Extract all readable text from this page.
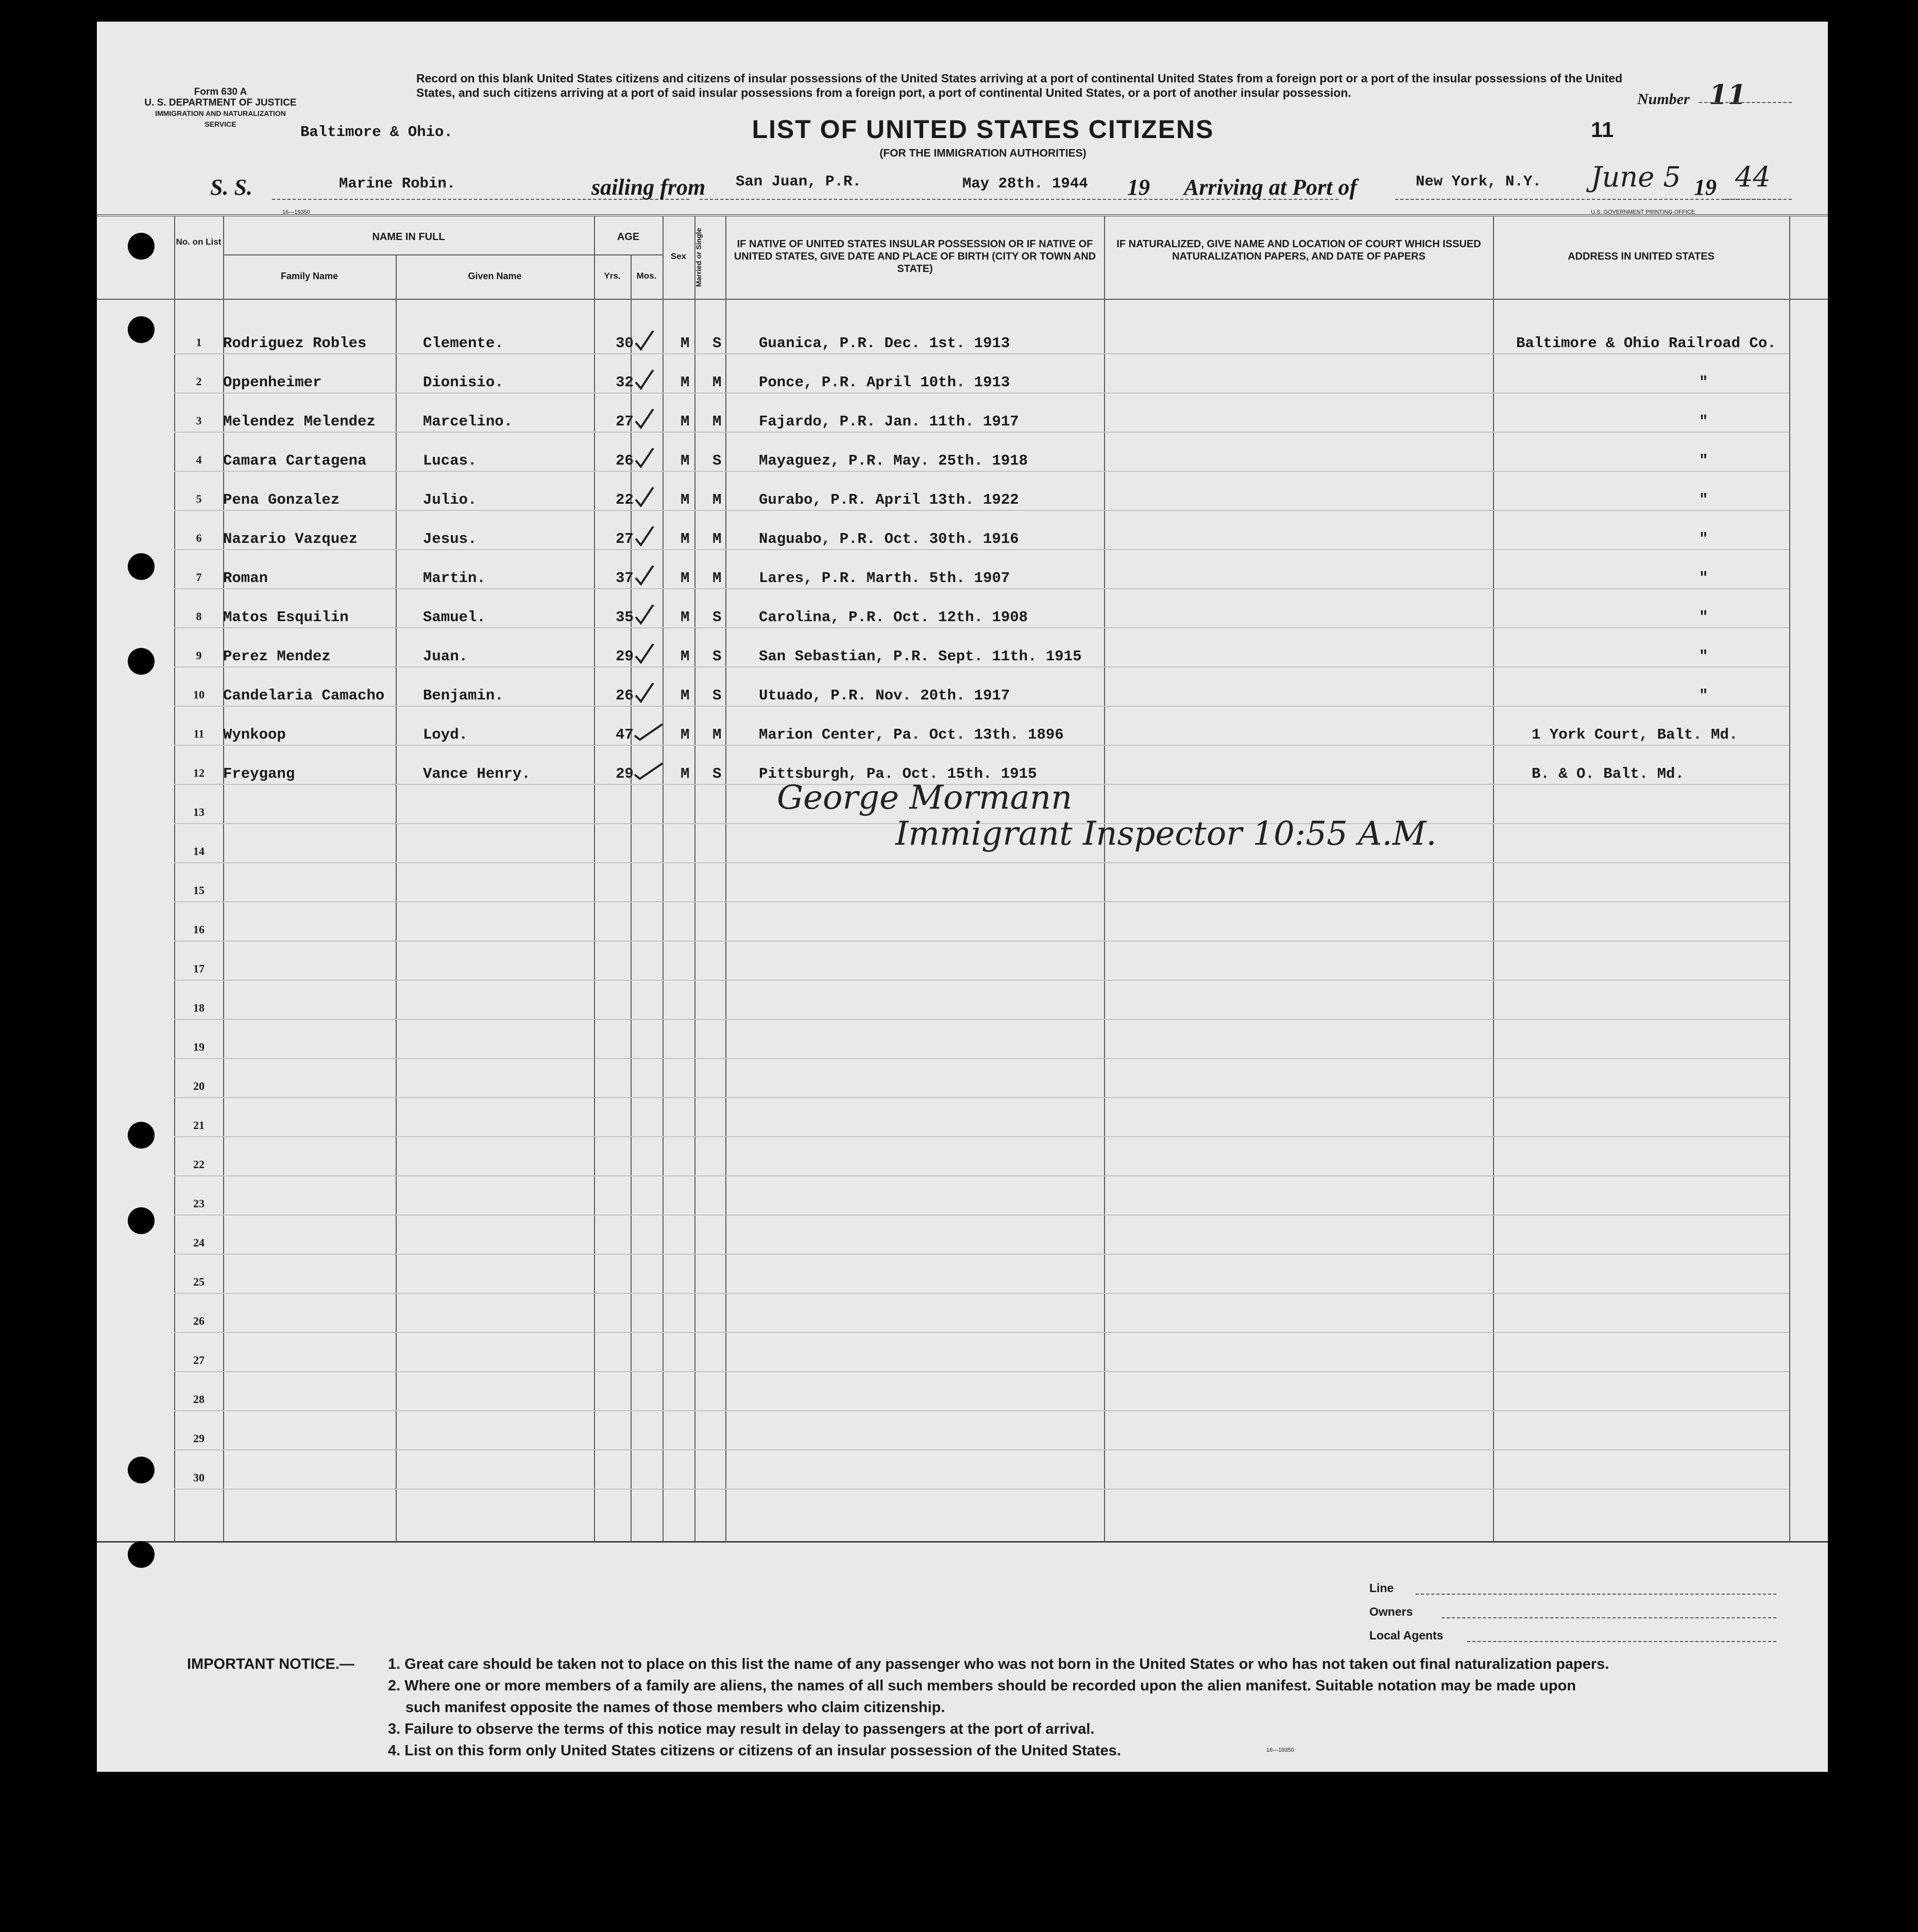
Form 630 A
U. S. DEPARTMENT OF JUSTICE
IMMIGRATION AND NATURALIZATION SERVICE
Record on this blank United States citizens and citizens of insular possessions of the United States arriving at a port of continental United States from a foreign port or a port of the insular possessions of the United States, and such citizens arriving at a port of said insular possessions from a foreign port, a port of continental United States, or a port of another insular possession.	Number 11
Baltimore & Ohio.	LIST OF UNITED STATES CITIZENS
(FOR THE IMMIGRATION AUTHORITIES)
11
S. S.	Marine Robin.	sailing from San Juan, P.R.	May 28th. 1944 19 Arriving at Port of	New York, N.Y. June 5 19 44
16—19350	U.S. GOVERNMENT PRINTING OFFICE
No. on List	NAME IN FULL
Family Name	Given Name
AGE
Yrs.	Mos.
Sex	Married or Single	IF NATIVE OF UNITED STATES INSULAR POSSESSION OR IF NATIVE OF UNITED STATES, GIVE DATE AND PLACE OF BIRTH (CITY OR TOWN AND STATE)
IF NATURALIZED, GIVE NAME AND LOCATION OF COURT WHICH ISSUED NATURALIZATION PAPERS, AND DATE OF PAPERS	ADDRESS IN UNITED STATES
1	Rodriguez Robles	Clemente.	30	M S	Guanica, P.R. Dec. 1st. 1913	Baltimore & Ohio Railroad Co.
2	Oppenheimer	Dionisio.	32	M M	Ponce, P.R. April 10th. 1913	"
3	Melendez Melendez	Marcelino.	27	M M	Fajardo, P.R. Jan. 11th. 1917	"
4	Camara Cartagena	Lucas.	26	M S	Mayaguez, P.R. May. 25th. 1918	"
5	Pena Gonzalez	Julio.	22	M M	Gurabo, P.R. April 13th. 1922	"
6	Nazario Vazquez	Jesus.	27	M M	Naguabo, P.R. Oct. 30th. 1916	"
7	Roman	Martin.	37	M M	Lares, P.R. Marth. 5th. 1907	"
8	Matos Esquilin	Samuel.	35	M S	Carolina, P.R. Oct. 12th. 1908	"
9	Perez Mendez	Juan.	29	M S	San Sebastian, P.R. Sept. 11th. 1915	"
10	Candelaria Camacho	Benjamin.	26	M S	Utuado, P.R. Nov. 20th. 1917	"
11	Wynkoop	Loyd.	47	M M	Marion Center, Pa. Oct. 13th. 1896	1 York Court, Balt. Md.
12	Freygang	Vance Henry.	29	M S	Pittsburgh, Pa. Oct. 15th. 1915	B. & O. Balt. Md.
13
14
15
16
17
18
19
20
21
22
23
24
25
26
27
28
29
30
George Mormann
Immigrant Inspector 10:55 A.M.
Line
Owners
Local Agents
IMPORTANT NOTICE.—	1. Great care should be taken not to place on this list the name of any passenger who was not born in the United States or who has not taken out final naturalization papers.
2. Where one or more members of a family are aliens, the names of all such members should be recorded upon the alien manifest. Suitable notation may be made upon
such manifest opposite the names of those members who claim citizenship.
3. Failure to observe the terms of this notice may result in delay to passengers at the port of arrival.
4. List on this form only United States citizens or citizens of an insular possession of the United States.	16—19350
